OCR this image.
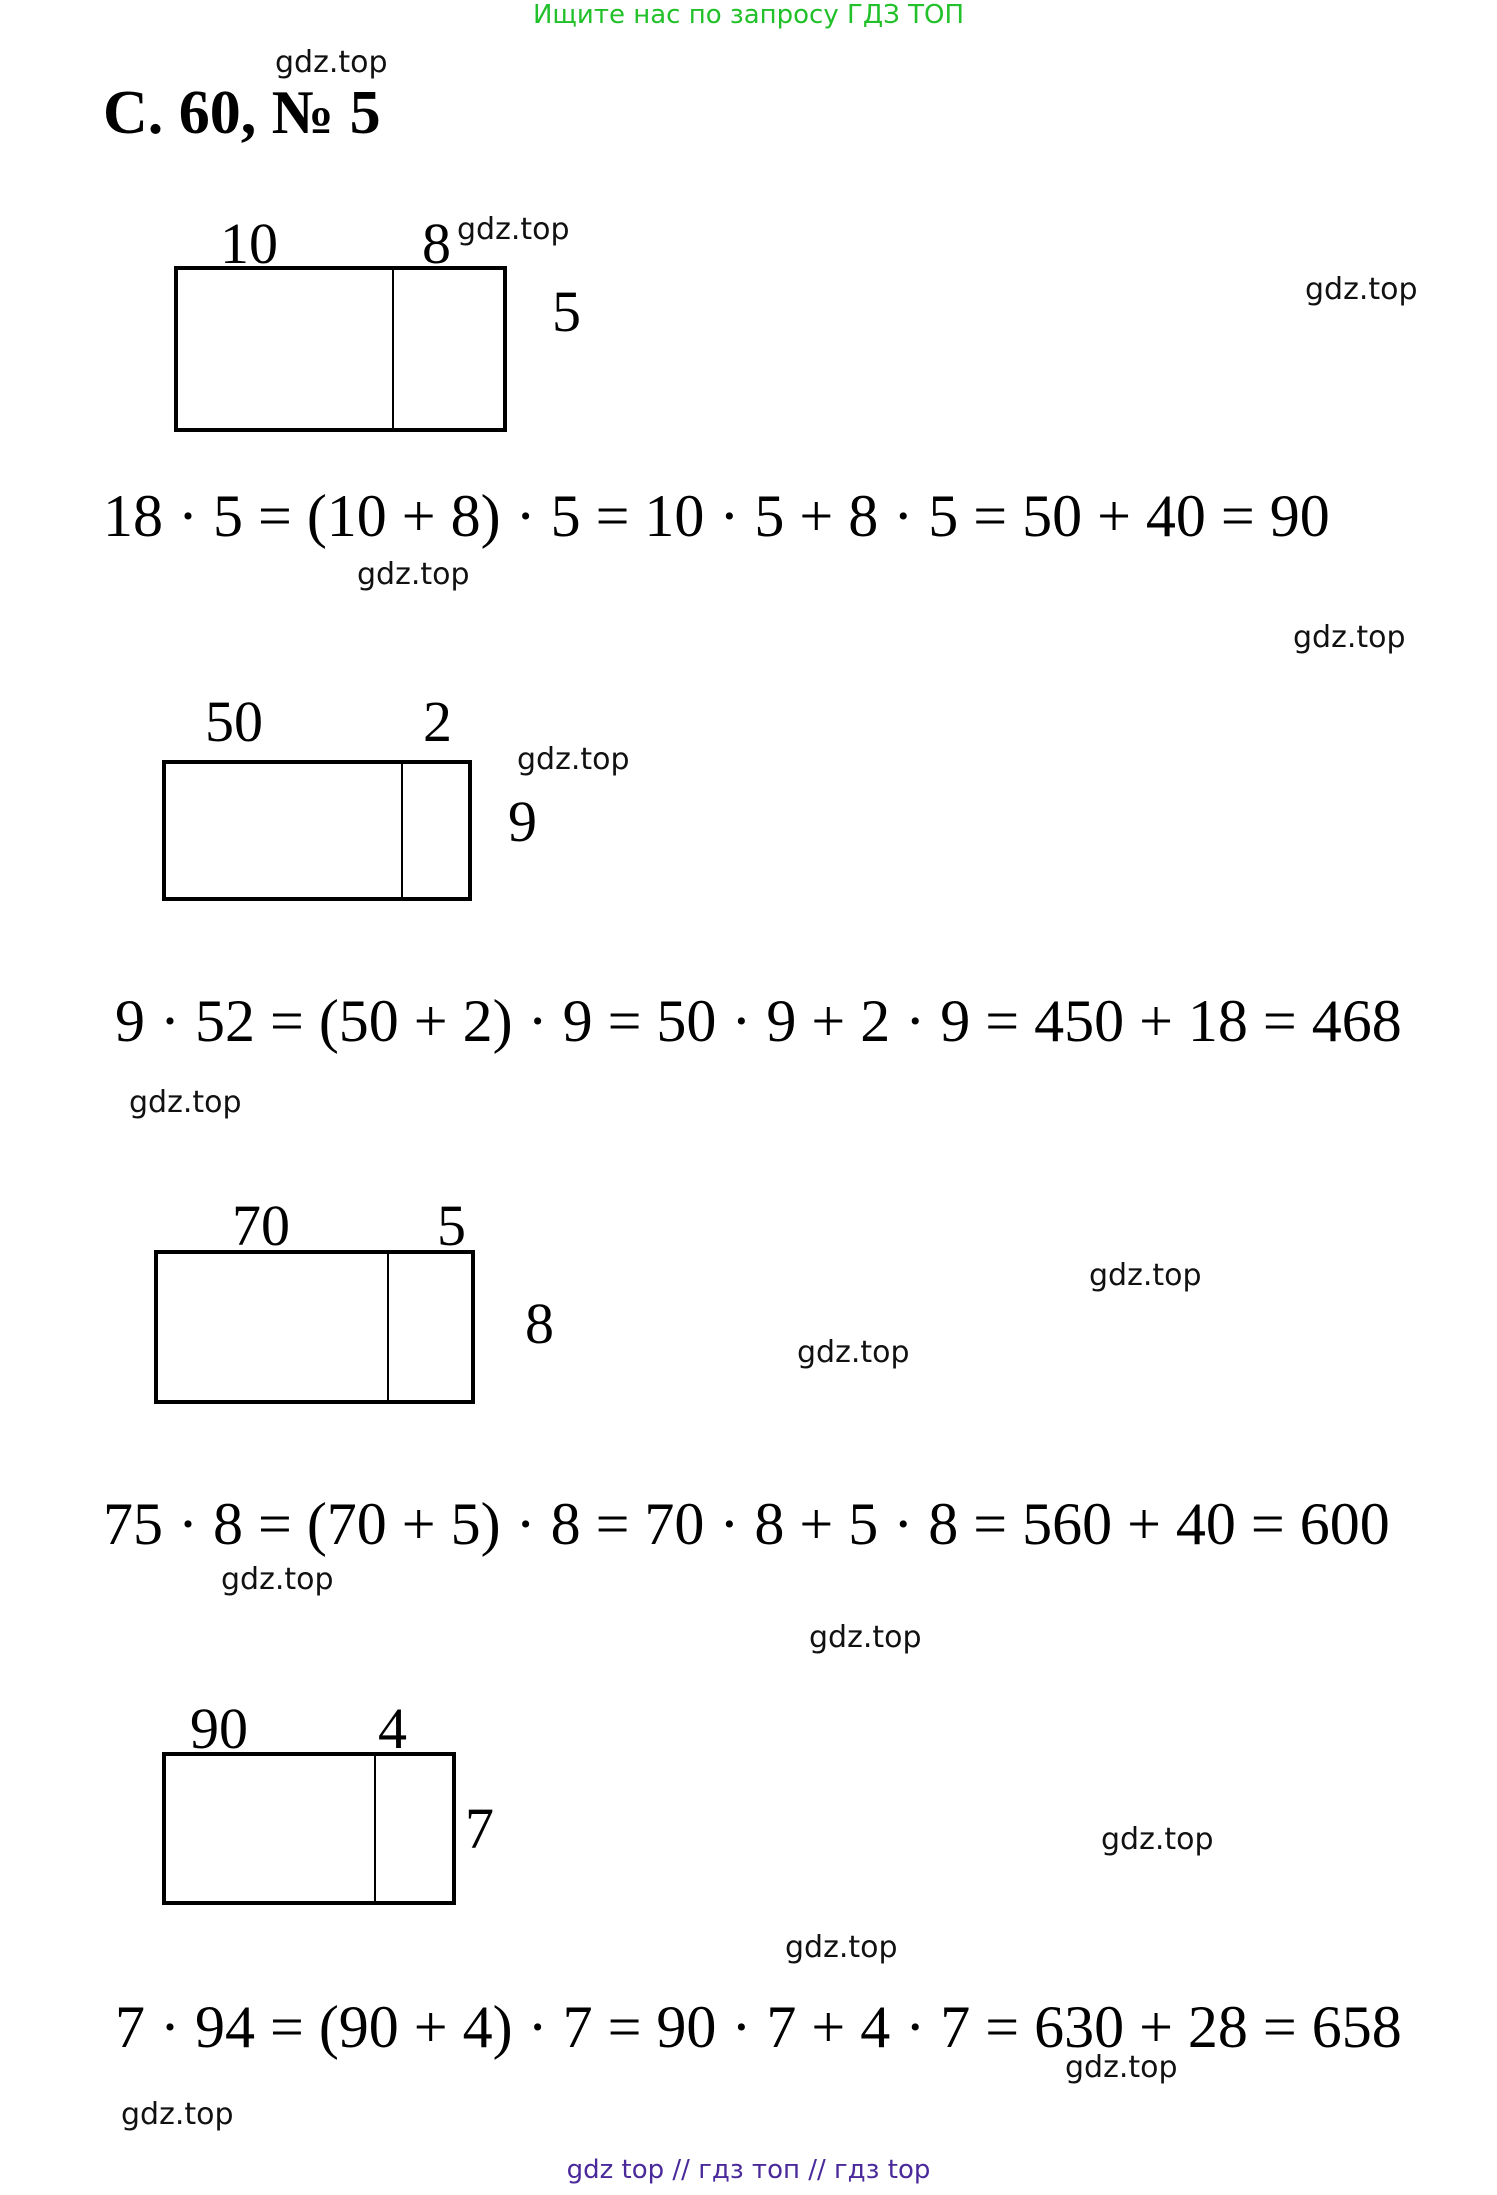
Ищите нас по запросу ГДЗ ТОП
gdz.top
С. 60, № 5
10 8 gdz.top
5	gdz.top
18 · 5 = (10 + 8) · 5 = 10 · 5 + 8 · 5 = 50 + 40 = 90
gdz.top
gdz.top
50	2
gdz.top
9
9 · 52 = (50 + 2) · 9 = 50 · 9 + 2 · 9 = 450 + 18 = 468
gdz.top
70	5
gdz.top
8	gdz.top
75 · 8 = (70 + 5) · 8 = 70 · 8 + 5 · 8 = 560 + 40 = 600
gdz.top
gdz.top
90 4
7	gdz.top
gdz.top
7 · 94 = (90 + 4) · 7 = 90 · 7 + 4 · 7 = 630 + 28 = 658
gdz.top
gdz.top
gdz top // гдз топ // гдз top
